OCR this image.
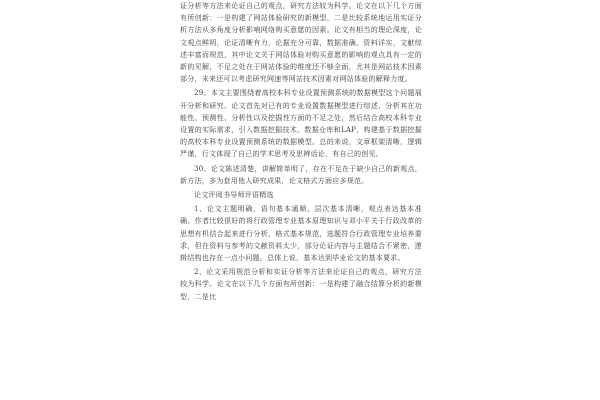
证分析等方法来论证自己的观点，研究方法较为科学。论文在以下几个方面有所创新：一是构建了网站体验研究的新模型，二是比较系统地运用实证分析方法从多角度分析影响网络购买意愿的因素。论文有相当的理论深度，论文观点鲜明，论证清晰有力，论据充分可靠，数据准确，资料详实，文献综述丰富而规范，其中论文关于网站体验对购买意愿的影响的观点具有一定的新的见解，不足之处在于网站体验的维度还不够全面，尤其是网站技术因素部分，未来还可以考虑研究网速等网站技术因素对网站体验的解释力度。

29、本文主要围绕着高校本科专业设置预测系统的数据模型这个问题展开分析和研究。论文首先对已有的专业设置数据模型进行综述，分析其在功能性、预测性、分析性以及挖掘性方面的不足之处，然后结合高校本科专业设置的实际需求，引入数据挖掘技术、数据仓库和LAP，构建基于数据挖掘的高校本科专业设置预测系统的数据模型。总的来说，文章框架清晰，逻辑严谨，行文体现了自己的学术思考及思辨话论，有自己的创见。

30、论文陈述清楚，讲解简单明了，存在不足在于缺少自己的新观点，新方法，多为套用他人研究成果，论文格式方面应多规范。

论文评阅书导师评语精选

1、论文主题明确，语句基本通顺，层次基本清晰，观点表达基本准确。作者比较很好的将行政管理专业基本原理知识与邓小平关于行政改革的思想有机结合起来进行分析，格式基本规范，选题符合行政管理专业培养要求，但在资料与参考的文献资料太少，部分论证内容与主题结合不紧密，逻辑结构也存在一点小问题。总体上说，基本达到毕业论文的基本要求。

2、论文采用规范分析和实证分析等方法来论证自己的观点，研究方法较为科学。论文在以下几个方面有所创新：一是构建了融合结算分析的新模型，二是比
